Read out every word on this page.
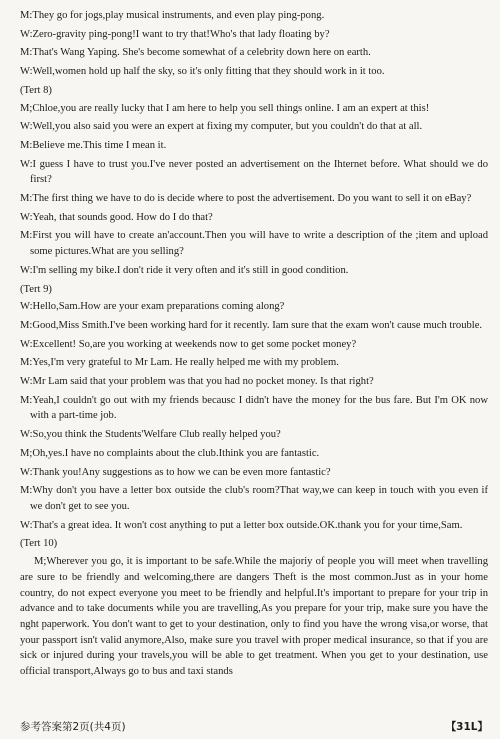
M:They go for jogs,play musical instruments, and even play ping-pong.

W:Zero-gravity ping-pong!I want to try that!Who's that lady floating by?

M:That's Wang Yaping. She's become somewhat of a celebrity down here on earth.

W:Well,women hold up half the sky, so it's only fitting that they should work in it too.

(Tert 8)

M;Chloe,you are really lucky that I am here to help you sell things online. I am an expert at this!

W:Well,you also said you were an expert at fixing my computer, but you couldn't do that at all.

M:Believe me.This time I mean it.

W:I guess I have to trust you.I've never posted an advertisement on the Ihternet before. What should we do first?

M:The first thing we have to do is decide where to post the advertisement. Do you want to sell it on eBay?

W:Yeah, that sounds good. How do I do that?

M:First you will have to create an'account.Then you will have to write a description of the ;item and upload some pictures.What are you selling?

W:I'm selling my bike.I don't ride it very often and it's still in good condition.

(Tert 9)

W:Hello,Sam.How are your exam preparations coming along?

M:Good,Miss Smith.I've been working hard for it recently. Iam sure that the exam won't cause much trouble.

W:Excellent! So,are you working at weekends now to get some pocket money?

M:Yes,I'm very grateful to Mr Lam. He really helped me with my problem.

W:Mr Lam said that your problem was that you had no pocket money. Is that right?

M:Yeah,I couldn't go out with my friends becausc I didn't have the money for the bus fare. But I'm OK now with a part-time job.

W:So,you think the Students'Welfare Club really helped you?

M;Oh,yes.I have no complaints about the club.Ithink you are fantastic.

W:Thank you!Any suggestions as to how we can be even more fantastic?

M:Why don't you have a letter box outside the club's room?That way,we can keep in touch with you even if we don't get to see you.

W:That's a great idea. It won't cost anything to put a letter box outside.OK.thank you for your time,Sam.

(Tert 10)

M;Wherever you go, it is important to be safe.While the majoriy of people you will meet when travelling are sure to be friendly and welcoming,there are dangers Theft is the most common.Just as in your home country, do not expect everyone you meet to be friendly and helpful.It's important to prepare for your trip in advance and to take documents while you are travelling,As you prepare for your trip, make sure you have the nght paperwork. You don't want to get to your destination, only to find you have the wrong visa,or worse, that your passport isn't valid anymore,Also, make sure you travel with proper medical insurance, so that if you are sick or injured during your travels,you will be able to get treatment. When you get to your destination, use official transport,Always go to bus and taxi stands

参考答案第2页(共4页)	【31L】
